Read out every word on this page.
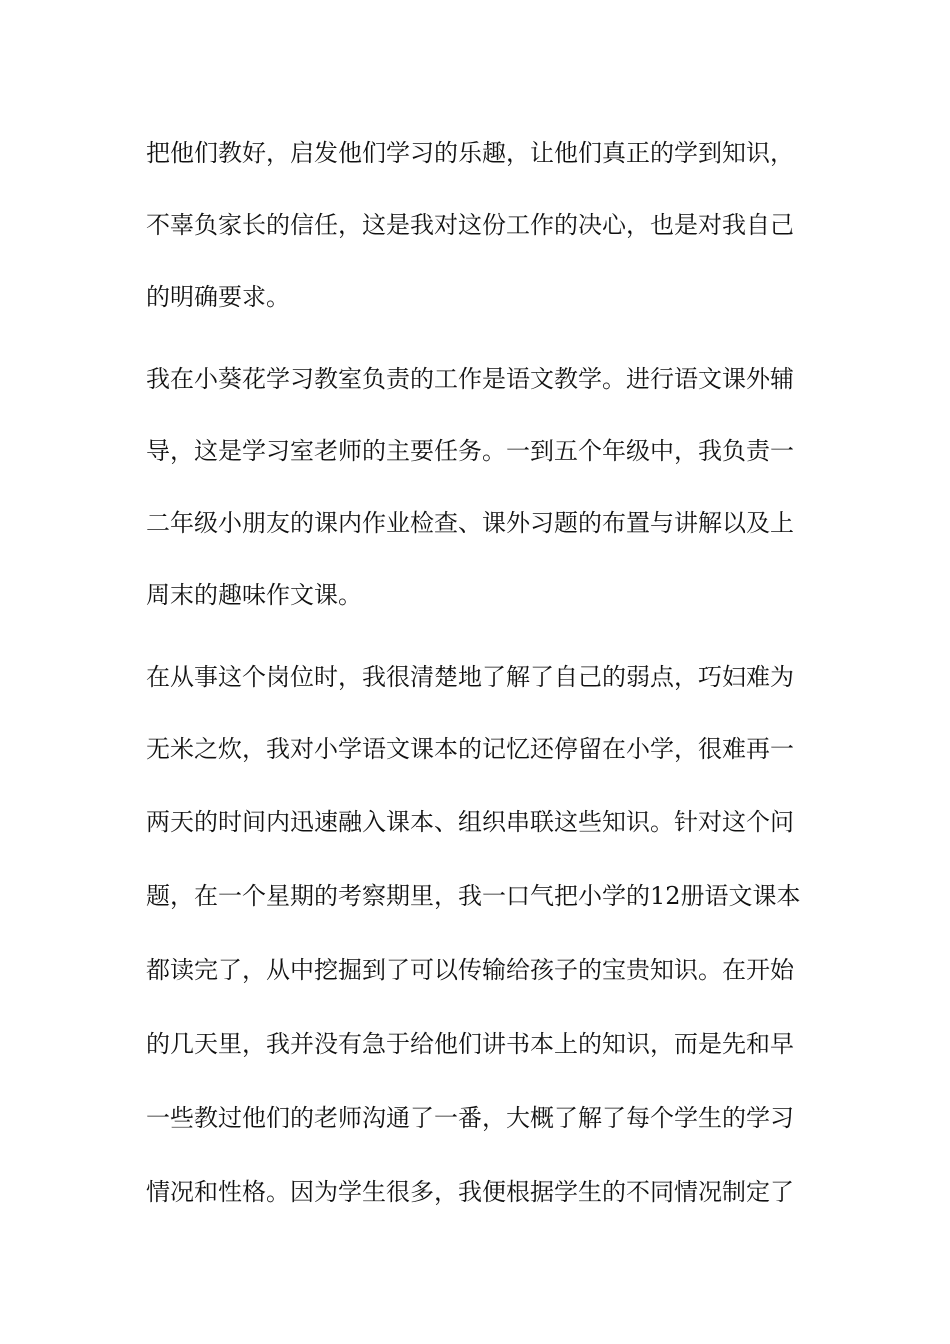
把他们教好，启发他们学习的乐趣，让他们真正的学到知识，
不辜负家长的信任，这是我对这份工作的决心，也是对我自己
的明确要求。
我在小葵花学习教室负责的工作是语文教学。进行语文课外辅
导，这是学习室老师的主要任务。一到五个年级中，我负责一
二年级小朋友的课内作业检查、课外习题的布置与讲解以及上
周末的趣味作文课。
在从事这个岗位时，我很清楚地了解了自己的弱点，巧妇难为
无米之炊，我对小学语文课本的记忆还停留在小学，很难再一
两天的时间内迅速融入课本、组织串联这些知识。针对这个问
题，在一个星期的考察期里，我一口气把小学的12册语文课本
都读完了，从中挖掘到了可以传输给孩子的宝贵知识。在开始
的几天里，我并没有急于给他们讲书本上的知识，而是先和早
一些教过他们的老师沟通了一番，大概了解了每个学生的学习
情况和性格。因为学生很多，我便根据学生的不同情况制定了
